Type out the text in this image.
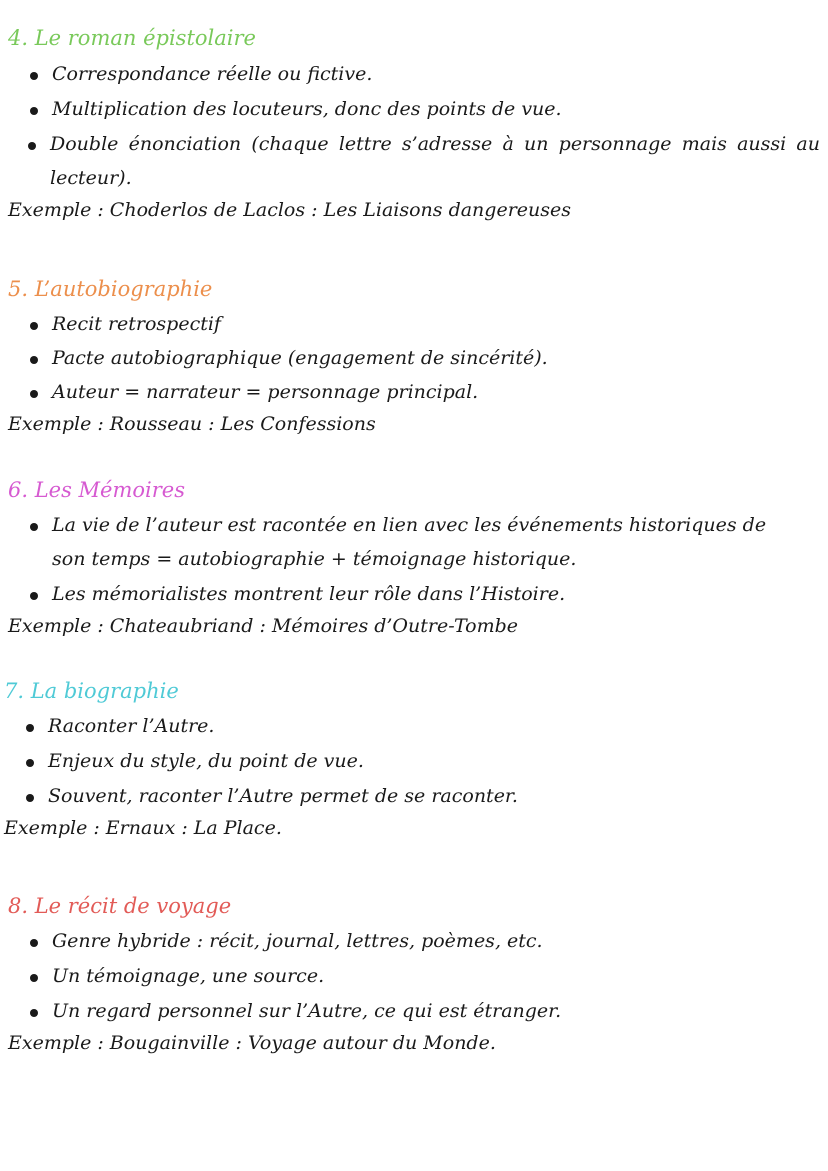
4. Le roman épistolaire
Correspondance réelle ou fictive.
Multiplication des locuteurs, donc des points de vue.
Double énonciation (chaque lettre s’adresse à un personnage mais aussi au lecteur).
Exemple : Choderlos de Laclos : Les Liaisons dangereuses
5. L’autobiographie
Recit retrospectif
Pacte autobiographique (engagement de sincérité).
Auteur = narrateur = personnage principal.
Exemple : Rousseau : Les Confessions
6. Les Mémoires
La vie de l’auteur est racontée en lien avec les événements historiques de son temps = autobiographie + témoignage historique.
Les mémorialistes montrent leur rôle dans l’Histoire.
Exemple : Chateaubriand : Mémoires d’Outre-Tombe
7. La biographie
Raconter l’Autre.
Enjeux du style, du point de vue.
Souvent, raconter l’Autre permet de se raconter.
Exemple : Ernaux : La Place.
8. Le récit de voyage
Genre hybride : récit, journal, lettres, poèmes, etc.
Un témoignage, une source.
Un regard personnel sur l’Autre, ce qui est étranger.
Exemple : Bougainville : Voyage autour du Monde.
